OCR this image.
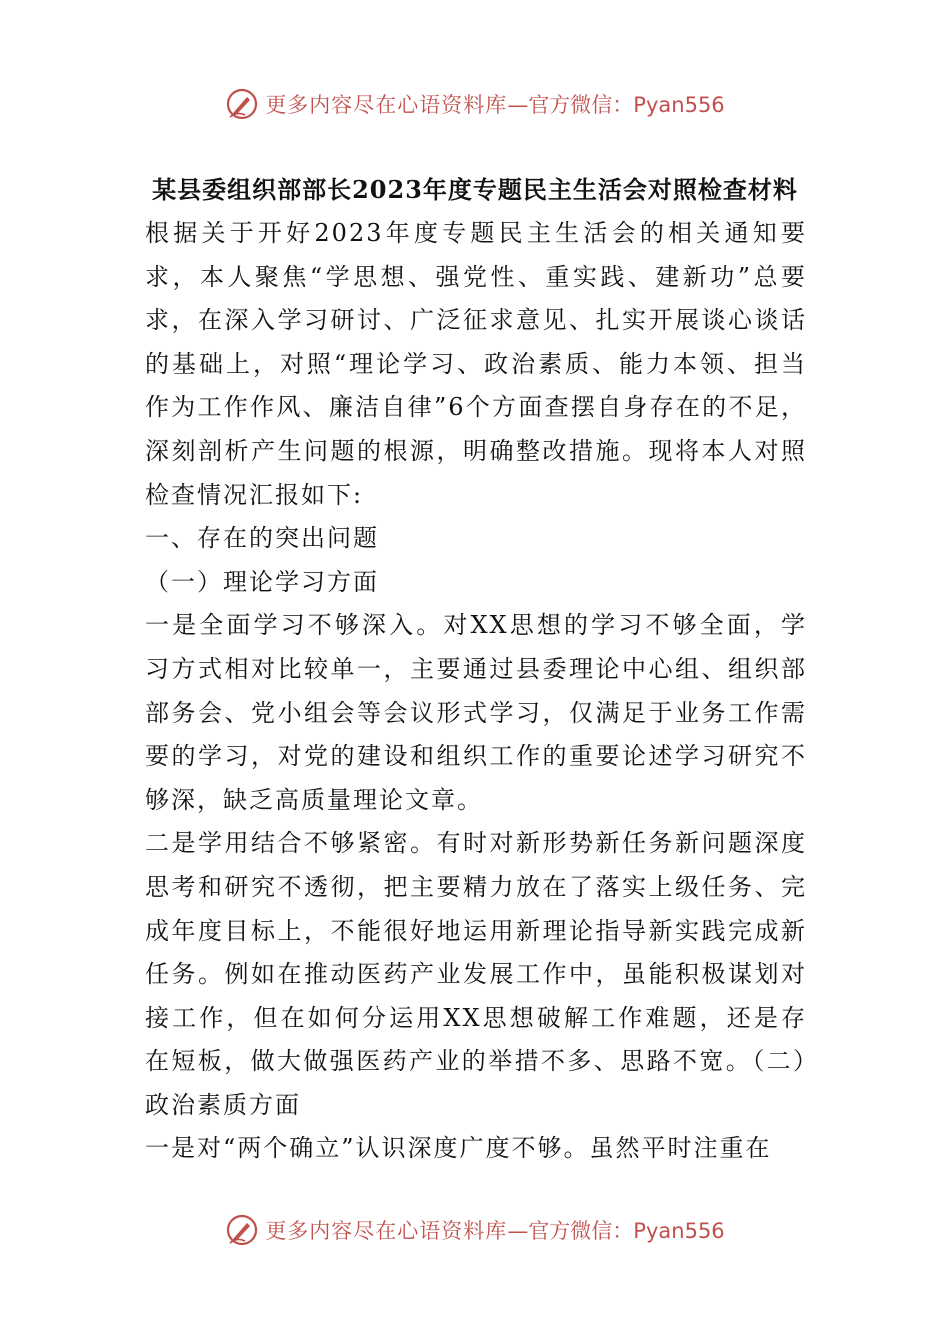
更多内容尽在心语资料库 —官方微信：Pyan556
某县委组织部部长2023年度专题民主生活会对照检查材料

根据关于开好2023年度专题民主生活会的相关通知要求，本人聚焦“学思想、强党性、重实践、建新功”总要求，在深入学习研讨、广泛征求意见、扎实开展谈心谈话的基础上，对照“理论学习、政治素质、能力本领、担当作为工作作风、廉洁自律”6个方面查摆自身存在的不足，深刻剖析产生问题的根源，明确整改措施。现将本人对照检查情况汇报如下:

一、存在的突出问题

（一）理论学习方面

一是全面学习不够深入。对XX思想的学习不够全面，学习方式相对比较单一，主要通过县委理论中心组、组织部部务会、党小组会等会议形式学习，仅满足于业务工作需要的学习，对党的建设和组织工作的重要论述学习研究不够深，缺乏高质量理论文章。

二是学用结合不够紧密。有时对新形势新任务新问题深度思考和研究不透彻，把主要精力放在了落实上级任务、完成年度目标上，不能很好地运用新理论指导新实践完成新任务。例如在推动医药产业发展工作中，虽能积极谋划对接工作，但在如何分运用XX思想破解工作难题，还是存在短板，做大做强医药产业的举措不多、思路不宽。（二）政治素质方面

一是对“两个确立”认识深度广度不够。虽然平时注重在

更多内容尽在心语资料库 —官方微信：Pyan556
